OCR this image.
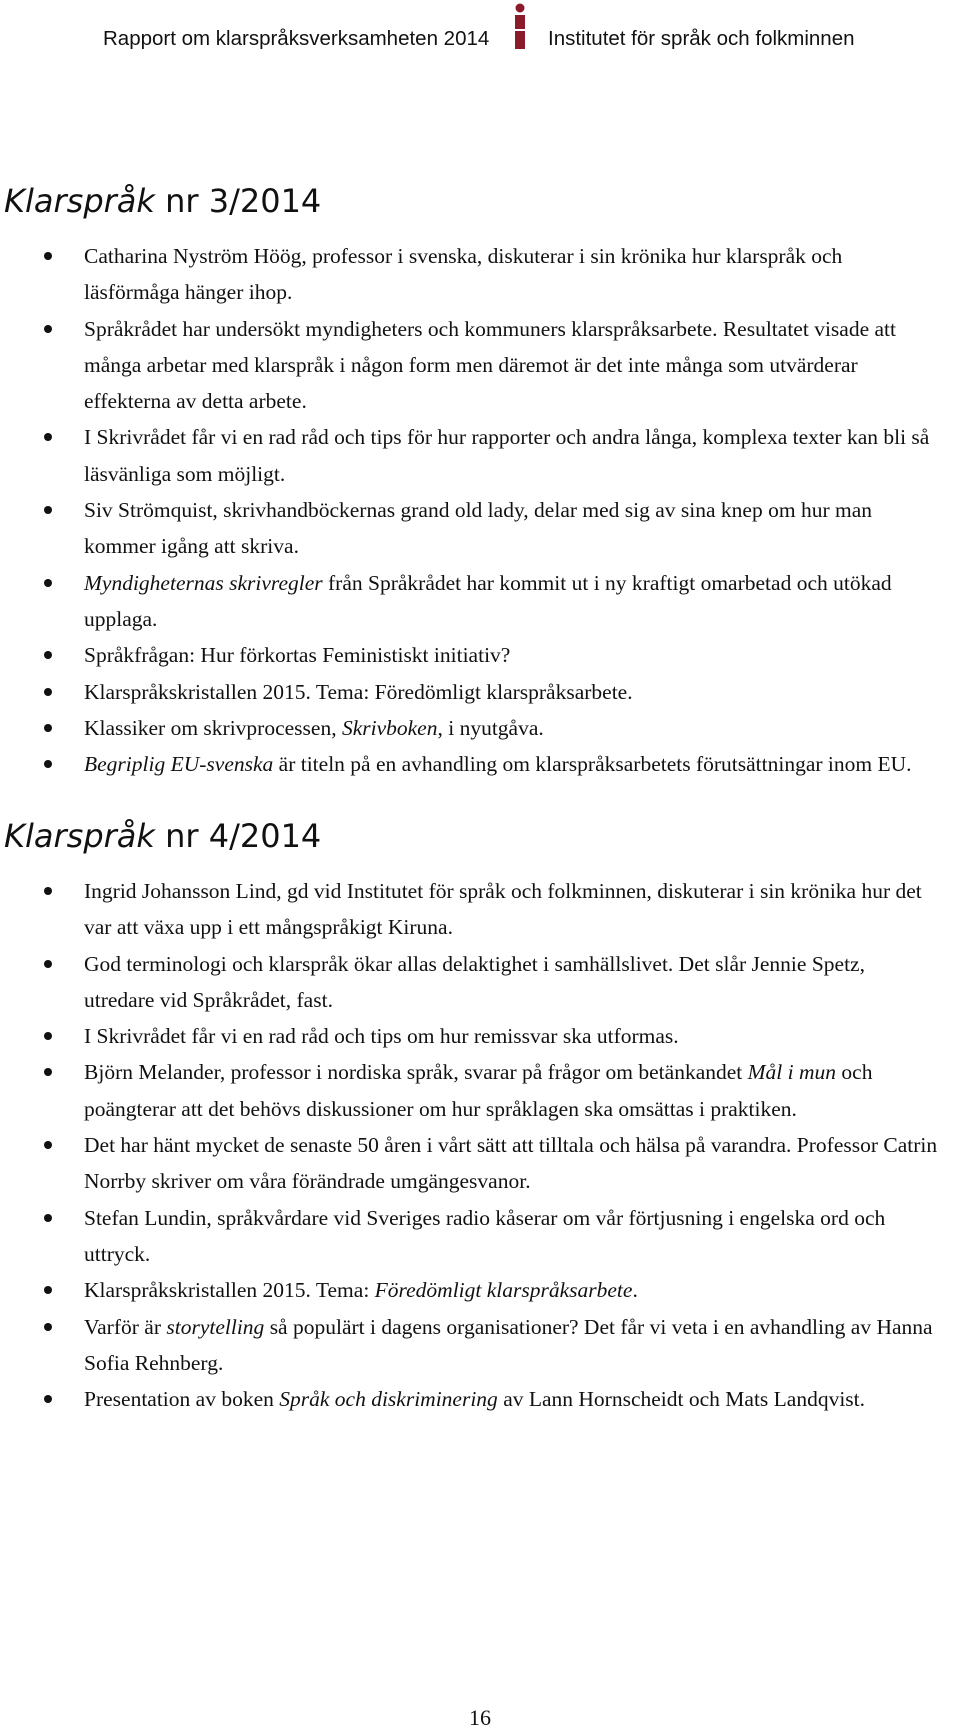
Rapport om klarspråksverksamheten 2014	Institutet för språk och folkminnen
Klarspråk nr 3/2014
Catharina Nyström Höög, professor i svenska, diskuterar i sin krönika hur klarspråk och läsförmåga hänger ihop.
Språkrådet har undersökt myndigheters och kommuners klarspråksarbete. Resultatet visade att många arbetar med klarspråk i någon form men däremot är det inte många som utvärderar effekterna av detta arbete.
I Skrivrådet får vi en rad råd och tips för hur rapporter och andra långa, komplexa texter kan bli så läsvänliga som möjligt.
Siv Strömquist, skrivhandböckernas grand old lady, delar med sig av sina knep om hur man kommer igång att skriva.
Myndigheternas skrivregler från Språkrådet har kommit ut i ny kraftigt omarbetad och utökad upplaga.
Språkfrågan: Hur förkortas Feministiskt initiativ?
Klarspråkskristallen 2015. Tema: Föredömligt klarspråksarbete.
Klassiker om skrivprocessen, Skrivboken, i nyutgåva.
Begriplig EU-svenska är titeln på en avhandling om klarspråksarbetets förutsättningar inom EU.
Klarspråk nr 4/2014
Ingrid Johansson Lind, gd vid Institutet för språk och folkminnen, diskuterar i sin krönika hur det var att växa upp i ett mångspråkigt Kiruna.
God terminologi och klarspråk ökar allas delaktighet i samhällslivet. Det slår Jennie Spetz, utredare vid Språkrådet, fast.
I Skrivrådet får vi en rad råd och tips om hur remissvar ska utformas.
Björn Melander, professor i nordiska språk, svarar på frågor om betänkandet Mål i mun och poängterar att det behövs diskussioner om hur språklagen ska omsättas i praktiken.
Det har hänt mycket de senaste 50 åren i vårt sätt att tilltala och hälsa på varandra. Professor Catrin Norrby skriver om våra förändrade umgängesvanor.
Stefan Lundin, språkvårdare vid Sveriges radio kåserar om vår förtjusning i engelska ord och uttryck.
Klarspråkskristallen 2015. Tema: Föredömligt klarspråksarbete.
Varför är storytelling så populärt i dagens organisationer? Det får vi veta i en avhandling av Hanna Sofia Rehnberg.
Presentation av boken Språk och diskriminering av Lann Hornscheidt och Mats Landqvist.
16
